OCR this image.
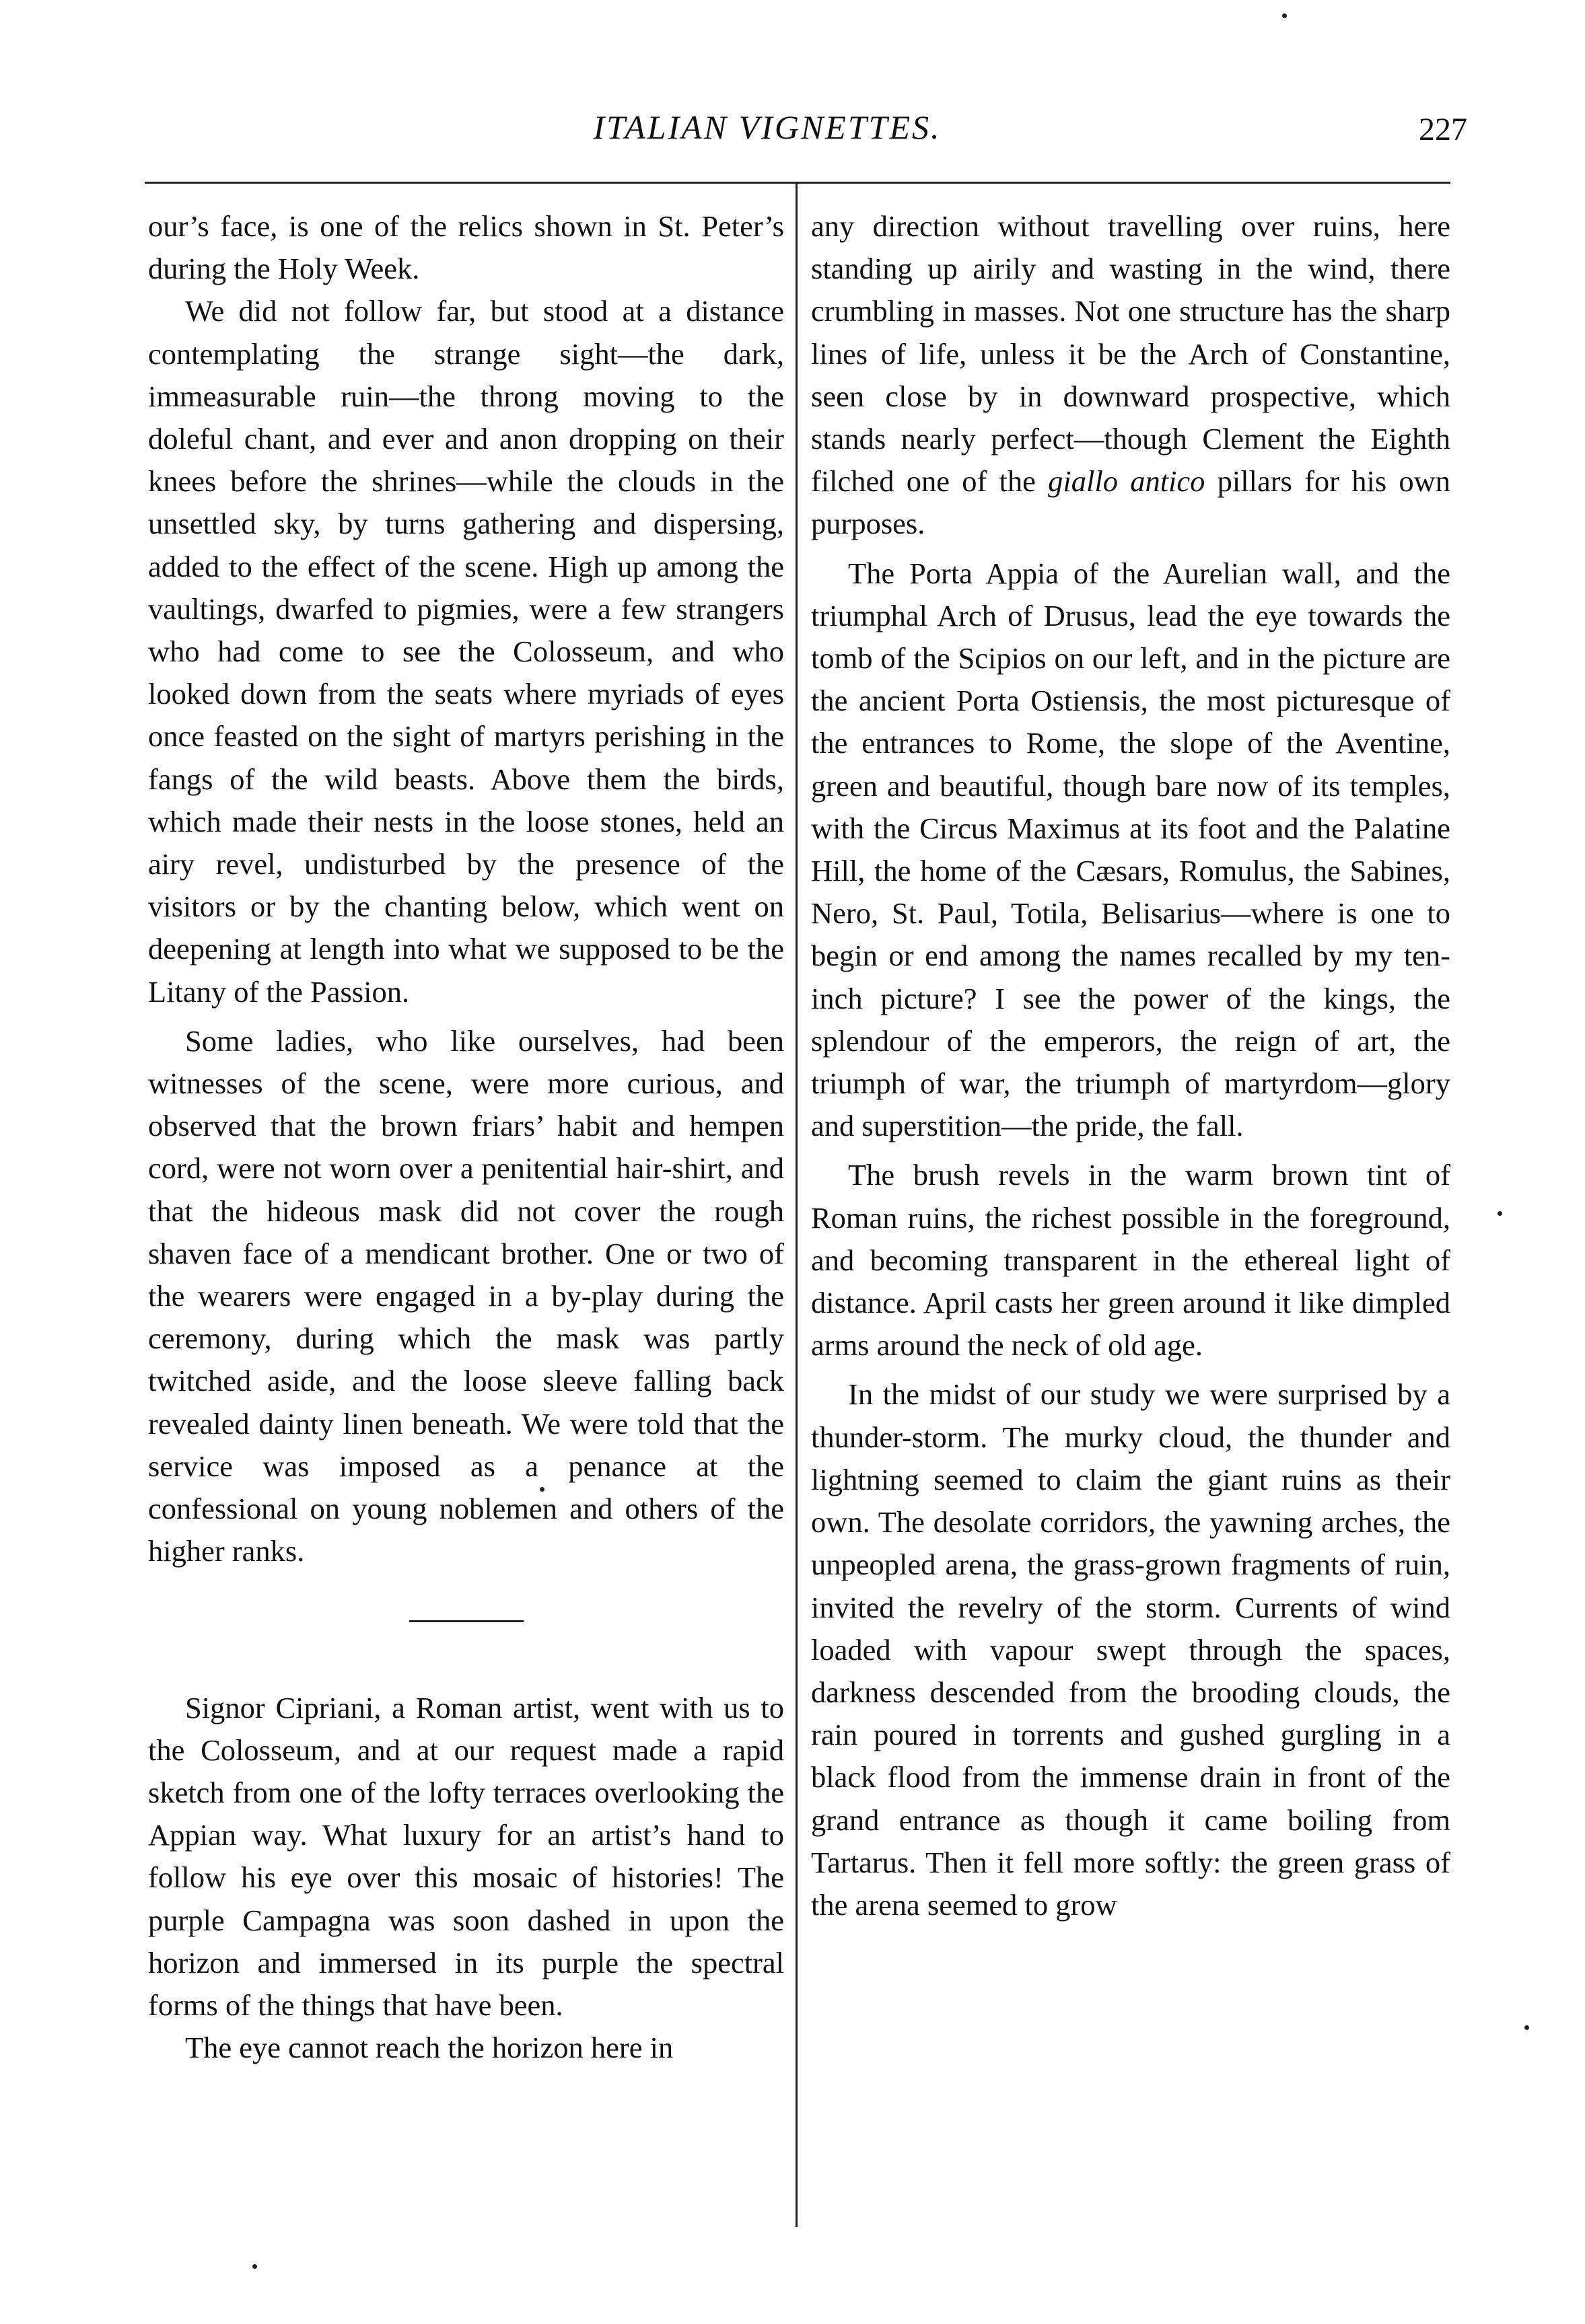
ITALIAN VIGNETTES.	227

our’s face, is one of the relics shown in St. Peter’s during the Holy Week.

We did not follow far, but stood at a distance contemplating the strange sight—the dark, immeasurable ruin—the throng moving to the doleful chant, and ever and anon dropping on their knees before the shrines—while the clouds in the unsettled sky, by turns gathering and dispersing, added to the effect of the scene. High up among the vaultings, dwarfed to pigmies, were a few strangers who had come to see the Colosseum, and who looked down from the seats where myriads of eyes once feasted on the sight of martyrs perishing in the fangs of the wild beasts. Above them the birds, which made their nests in the loose stones, held an airy revel, undisturbed by the presence of the visitors or by the chanting below, which went on deepening at length into what we supposed to be the Litany of the Passion.

Some ladies, who like ourselves, had been witnesses of the scene, were more curious, and observed that the brown friars’ habit and hempen cord, were not worn over a penitential hair-shirt, and that the hideous mask did not cover the rough shaven face of a mendicant brother. One or two of the wearers were engaged in a by-play during the ceremony, during which the mask was partly twitched aside, and the loose sleeve falling back revealed dainty linen beneath. We were told that the service was imposed as a penance at the confessional on young noblemen and others of the higher ranks.

Signor Cipriani, a Roman artist, went with us to the Colosseum, and at our request made a rapid sketch from one of the lofty terraces overlooking the Appian way. What luxury for an artist’s hand to follow his eye over this mosaic of histories! The purple Campagna was soon dashed in upon the horizon and immersed in its purple the spectral forms of the things that have been.

The eye cannot reach the horizon here in

any direction without travelling over ruins, here standing up airily and wasting in the wind, there crumbling in masses. Not one structure has the sharp lines of life, unless it be the Arch of Constantine, seen close by in downward prospective, which stands nearly perfect—though Clement the Eighth filched one of the giallo antico pillars for his own purposes.

The Porta Appia of the Aurelian wall, and the triumphal Arch of Drusus, lead the eye towards the tomb of the Scipios on our left, and in the picture are the ancient Porta Ostiensis, the most picturesque of the entrances to Rome, the slope of the Aventine, green and beautiful, though bare now of its temples, with the Circus Maximus at its foot and the Palatine Hill, the home of the Cæsars, Romulus, the Sabines, Nero, St. Paul, Totila, Belisarius—where is one to begin or end among the names recalled by my ten-inch picture? I see the power of the kings, the splendour of the emperors, the reign of art, the triumph of war, the triumph of martyrdom—glory and superstition—the pride, the fall.

The brush revels in the warm brown tint of Roman ruins, the richest possible in the foreground, and becoming transparent in the ethereal light of distance. April casts her green around it like dimpled arms around the neck of old age.

In the midst of our study we were surprised by a thunder-storm. The murky cloud, the thunder and lightning seemed to claim the giant ruins as their own. The desolate corridors, the yawning arches, the unpeopled arena, the grass-grown fragments of ruin, invited the revelry of the storm. Currents of wind loaded with vapour swept through the spaces, darkness descended from the brooding clouds, the rain poured in torrents and gushed gurgling in a black flood from the immense drain in front of the grand entrance as though it came boiling from Tartarus. Then it fell more softly: the green grass of the arena seemed to grow
